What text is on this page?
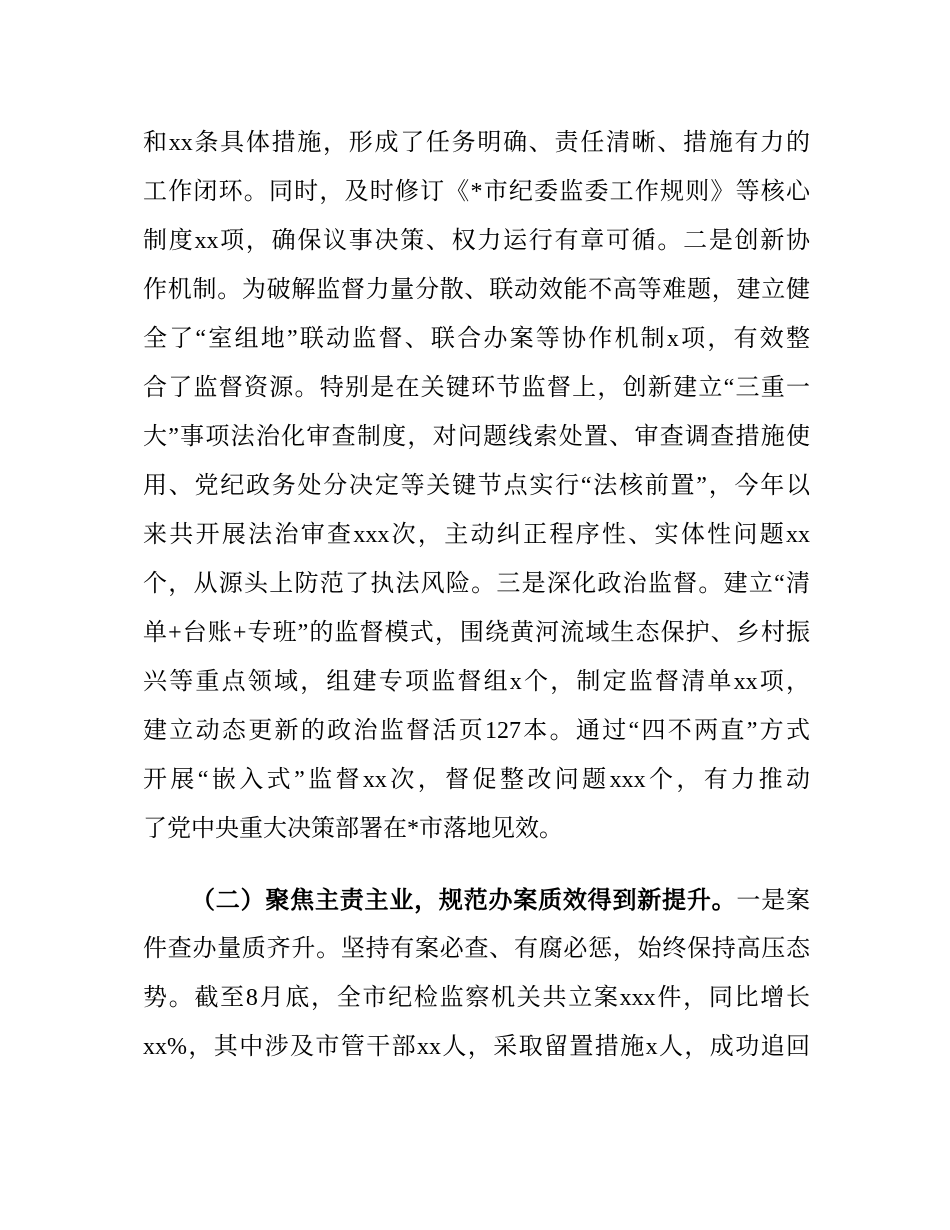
和xx条具体措施，形成了任务明确、责任清晰、措施有力的
工作闭环。同时，及时修订《*市纪委监委工作规则》等核心
制度xx项，确保议事决策、权力运行有章可循。二是创新协
作机制。为破解监督力量分散、联动效能不高等难题，建立健
全了“室组地”联动监督、联合办案等协作机制x项，有效整
合了监督资源。特别是在关键环节监督上，创新建立“三重一
大”事项法治化审查制度，对问题线索处置、审查调查措施使
用、党纪政务处分决定等关键节点实行“法核前置”，今年以
来共开展法治审查xxx次，主动纠正程序性、实体性问题xx
个，从源头上防范了执法风险。三是深化政治监督。建立“清
单+台账+专班”的监督模式，围绕黄河流域生态保护、乡村振
兴等重点领域，组建专项监督组x个，制定监督清单xx项，
建立动态更新的政治监督活页127本。通过“四不两直”方式
开展“嵌入式”监督xx次，督促整改问题xxx个，有力推动
了党中央重大决策部署在*市落地见效。
（二）聚焦主责主业，规范办案质效得到新提升。一是案
件查办量质齐升。坚持有案必查、有腐必惩，始终保持高压态
势。截至8月底，全市纪检监察机关共立案xxx件，同比增长
xx%，其中涉及市管干部xx人，采取留置措施x人，成功追回
